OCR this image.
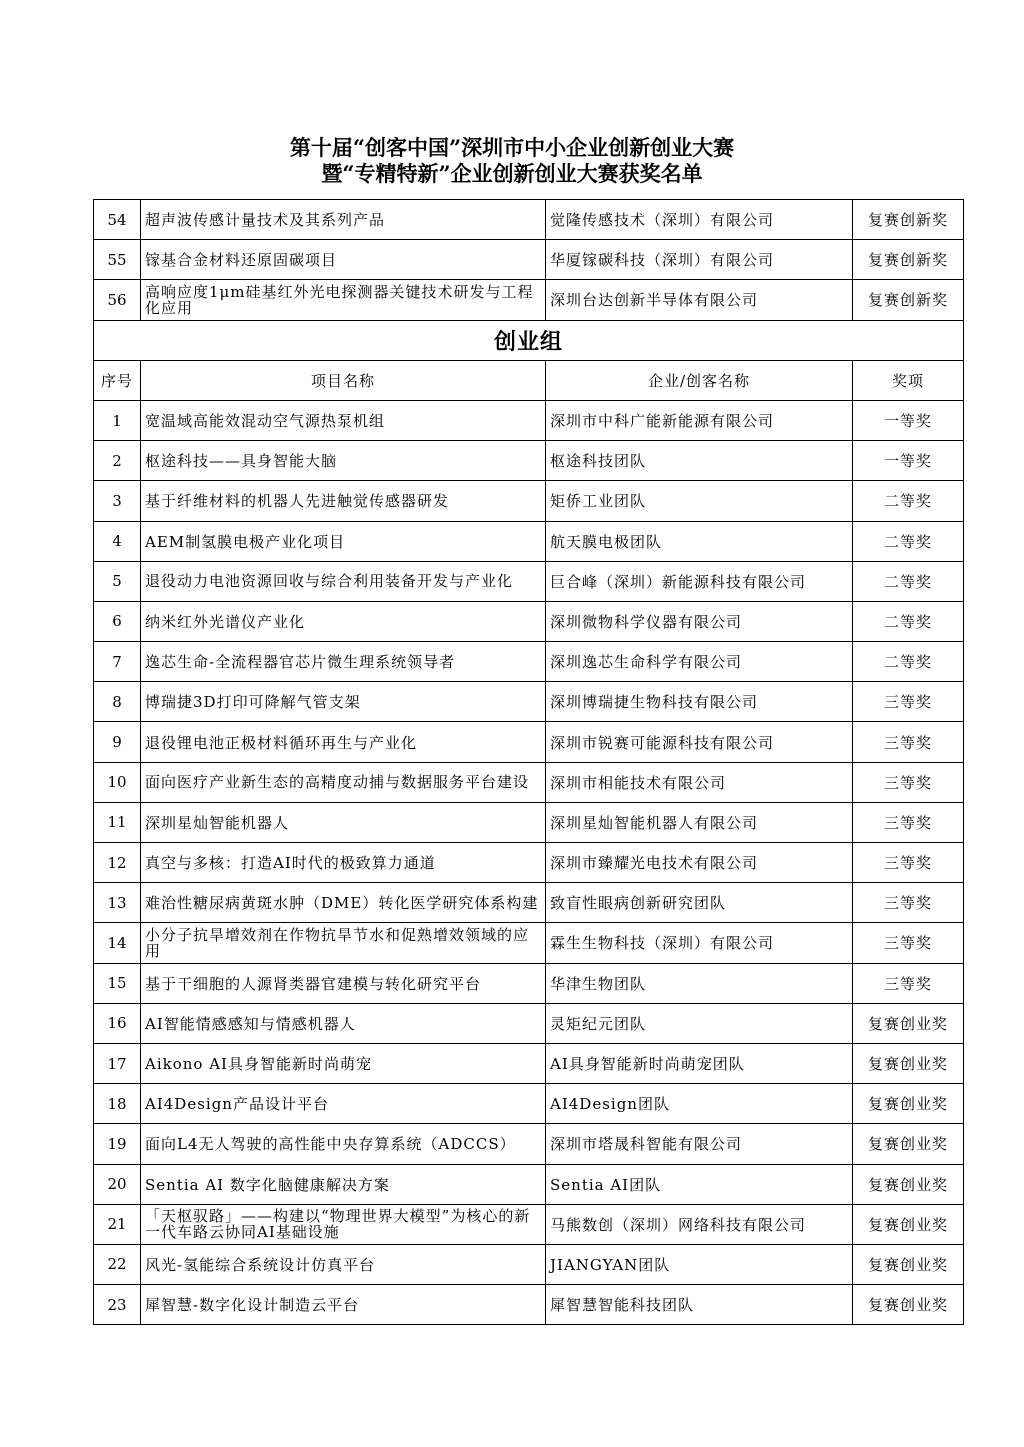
第十届“创客中国”深圳市中小企业创新创业大赛
暨“专精特新”企业创新创业大赛获奖名单
54	超声波传感计量技术及其系列产品	觉隆传感技术（深圳）有限公司	复赛创新奖
55	镓基合金材料还原固碳项目	华厦镓碳科技（深圳）有限公司	复赛创新奖
56	高响应度1μm硅基红外光电探测器关键技术研发与工程化应用	深圳台达创新半导体有限公司	复赛创新奖
创业组			
序号	项目名称	企业/创客名称	奖项
1	宽温域高能效混动空气源热泵机组	深圳市中科广能新能源有限公司	一等奖
2	枢途科技——具身智能大脑	枢途科技团队	一等奖
3	基于纤维材料的机器人先进触觉传感器研发	矩侨工业团队	二等奖
4	AEM制氢膜电极产业化项目	航天膜电极团队	二等奖
5	退役动力电池资源回收与综合利用装备开发与产业化	巨合峰（深圳）新能源科技有限公司	二等奖
6	纳米红外光谱仪产业化	深圳微物科学仪器有限公司	二等奖
7	逸芯生命-全流程器官芯片微生理系统领导者	深圳逸芯生命科学有限公司	二等奖
8	博瑞捷3D打印可降解气管支架	深圳博瑞捷生物科技有限公司	三等奖
9	退役锂电池正极材料循环再生与产业化	深圳市锐赛可能源科技有限公司	三等奖
10	面向医疗产业新生态的高精度动捕与数据服务平台建设	深圳市相能技术有限公司	三等奖
11	深圳星灿智能机器人	深圳星灿智能机器人有限公司	三等奖
12	真空与多核：打造AI时代的极致算力通道	深圳市臻耀光电技术有限公司	三等奖
13	难治性糖尿病黄斑水肿（DME）转化医学研究体系构建	致盲性眼病创新研究团队	三等奖
14	小分子抗旱增效剂在作物抗旱节水和促熟增效领域的应用	霖生生物科技（深圳）有限公司	三等奖
15	基于干细胞的人源肾类器官建模与转化研究平台	华津生物团队	三等奖
16	AI智能情感感知与情感机器人	灵矩纪元团队	复赛创业奖
17	Aikono AI具身智能新时尚萌宠	AI具身智能新时尚萌宠团队	复赛创业奖
18	AI4Design产品设计平台	AI4Design团队	复赛创业奖
19	面向L4无人驾驶的高性能中央存算系统（ADCCS）	深圳市塔晟科智能有限公司	复赛创业奖
20	Sentia AI 数字化脑健康解决方案	Sentia AI团队	复赛创业奖
21	「天枢驭路」——构建以“物理世界大模型”为核心的新一代车路云协同AI基础设施	马熊数创（深圳）网络科技有限公司	复赛创业奖
22	风光-氢能综合系统设计仿真平台	JIANGYAN团队	复赛创业奖
23	犀智慧-数字化设计制造云平台	犀智慧智能科技团队	复赛创业奖
